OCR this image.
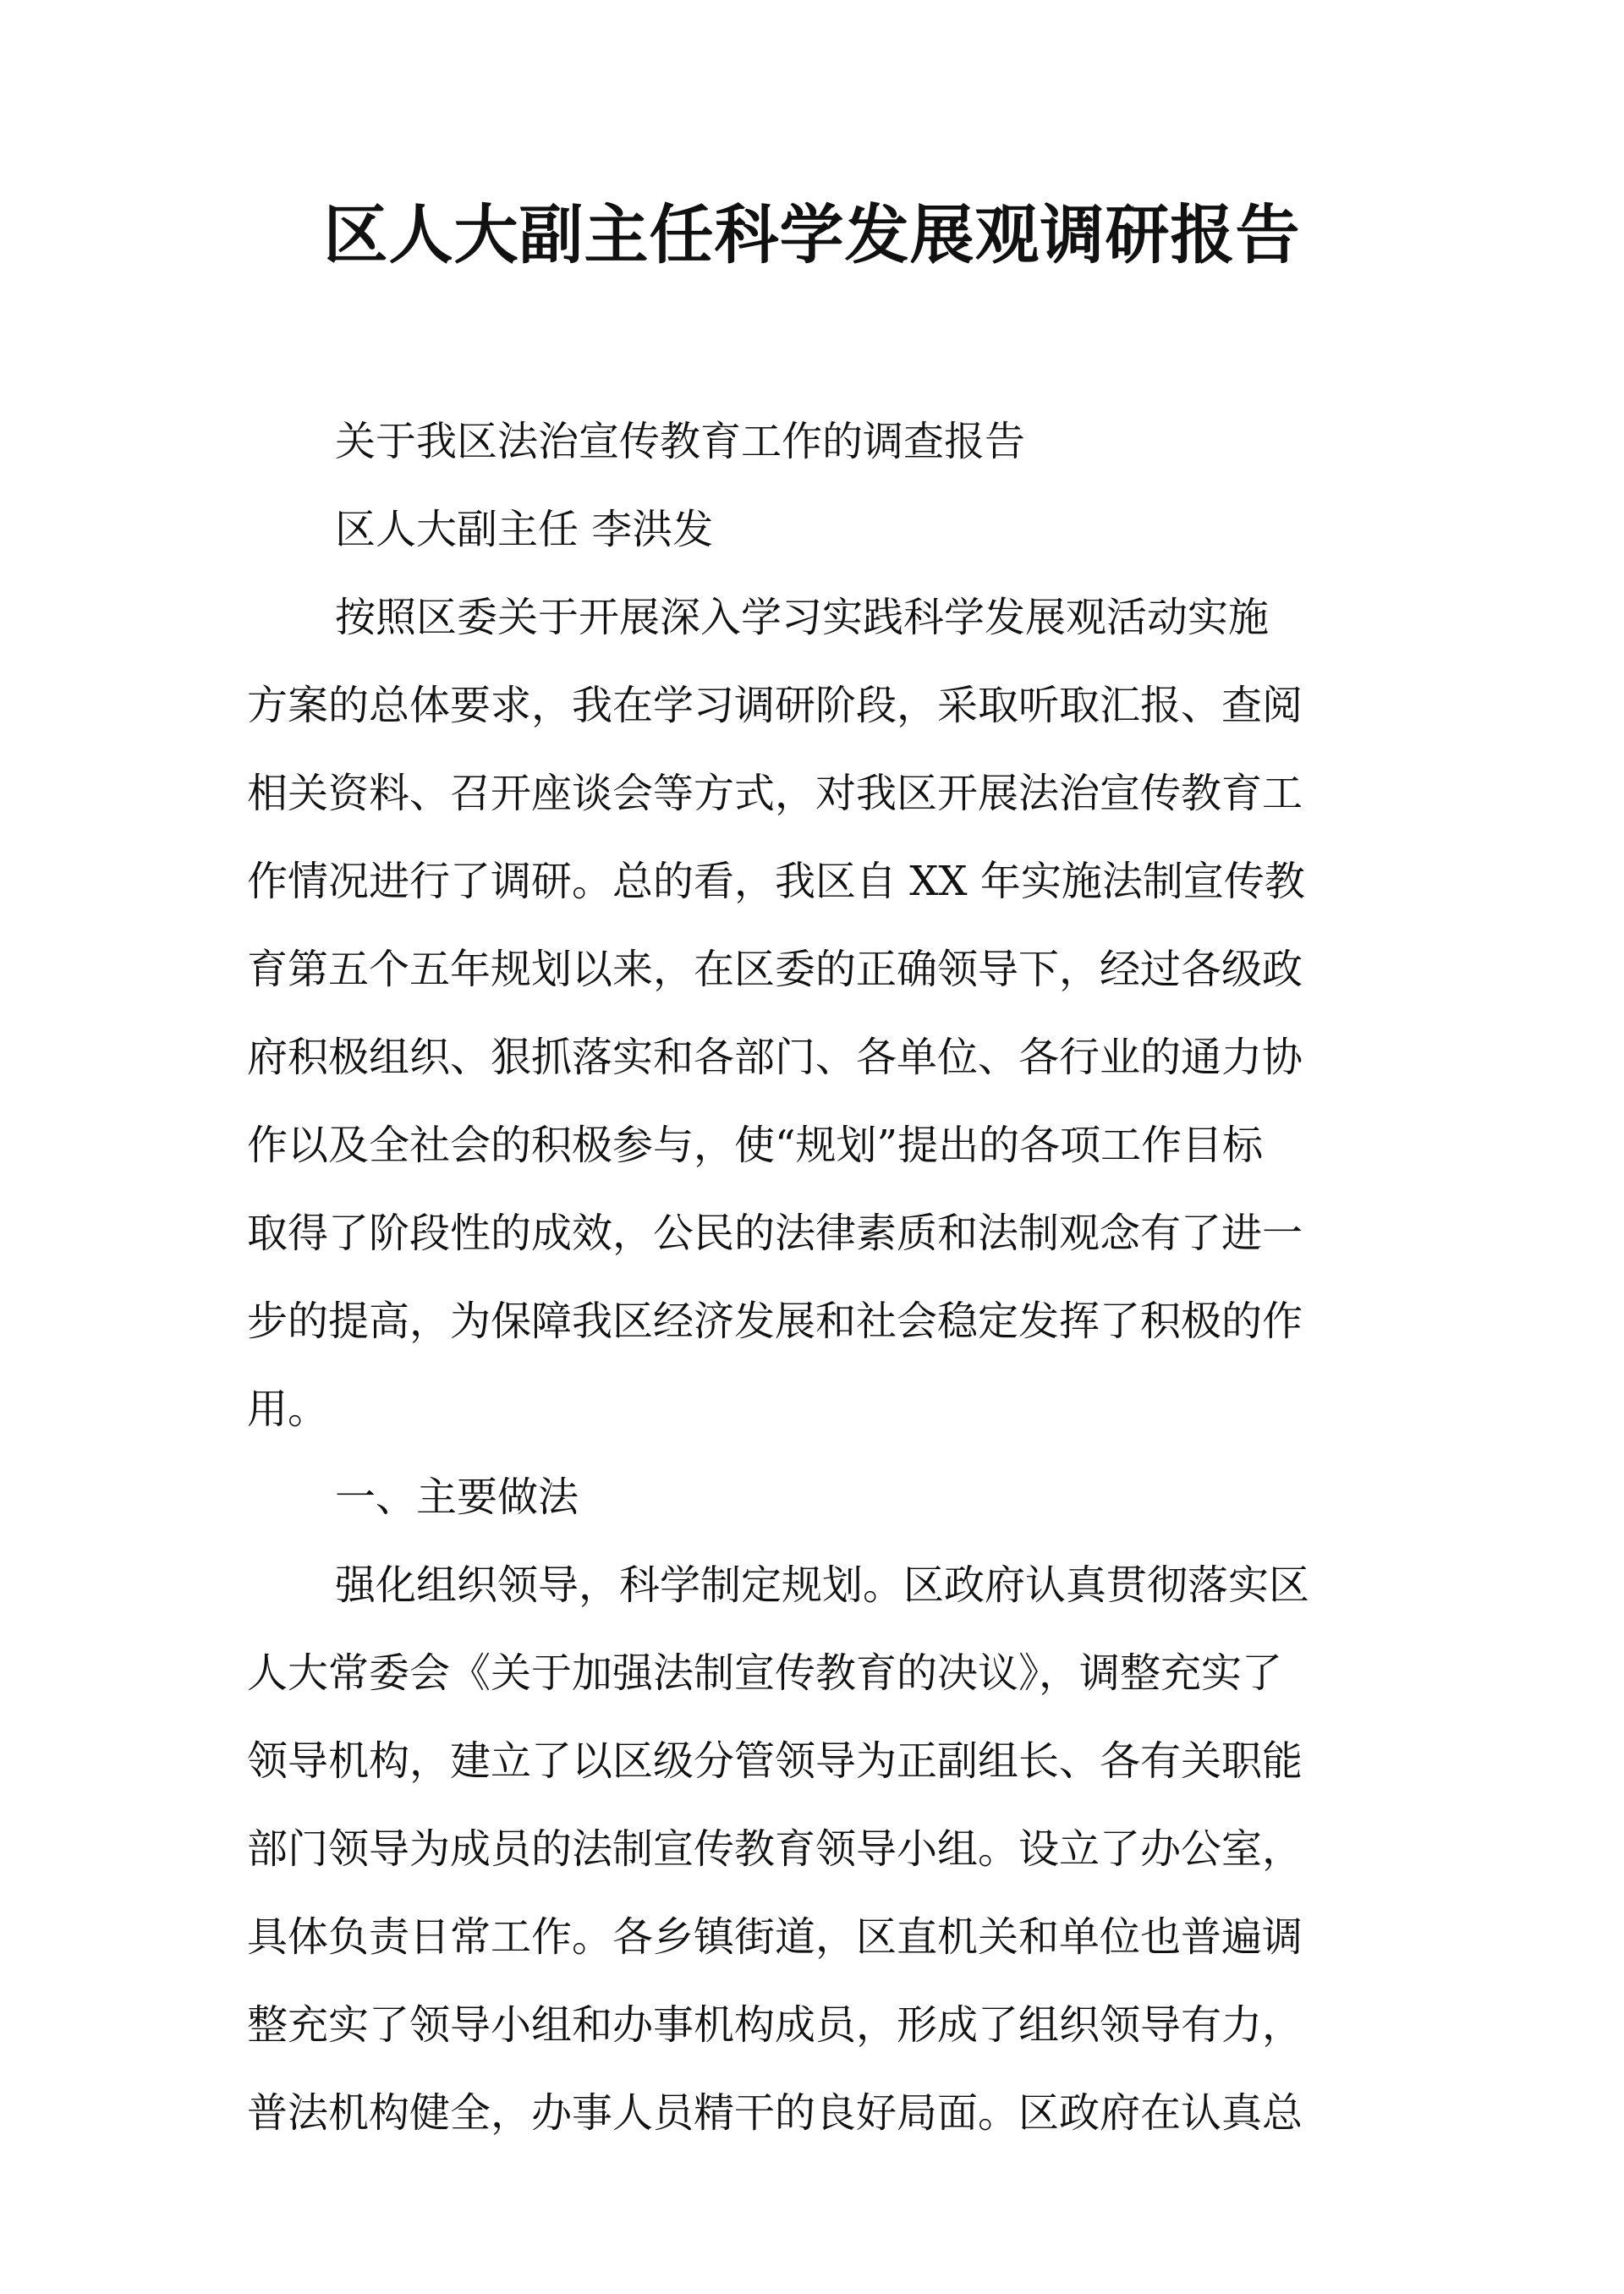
区人大副主任科学发展观调研报告
关于我区法治宣传教育工作的调查报告
区人大副主任 李洪发
按照区委关于开展深入学习实践科学发展观活动实施
方案的总体要求，我在学习调研阶段，采取听取汇报、查阅
相关资料、召开座谈会等方式，对我区开展法治宣传教育工
作情况进行了调研。总的看，我区自 XX 年实施法制宣传教
育第五个五年规划以来，在区委的正确领导下，经过各级政
府积极组织、狠抓落实和各部门、各单位、各行业的通力协
作以及全社会的积极参与，使“规划”提出的各项工作目标
取得了阶段性的成效，公民的法律素质和法制观念有了进一
步的提高，为保障我区经济发展和社会稳定发挥了积极的作
用。
一、主要做法
强化组织领导，科学制定规划。区政府认真贯彻落实区
人大常委会《关于加强法制宣传教育的决议》，调整充实了
领导机构，建立了以区级分管领导为正副组长、各有关职能
部门领导为成员的法制宣传教育领导小组。设立了办公室，
具体负责日常工作。各乡镇街道，区直机关和单位也普遍调
整充实了领导小组和办事机构成员，形成了组织领导有力，
普法机构健全，办事人员精干的良好局面。区政府在认真总
